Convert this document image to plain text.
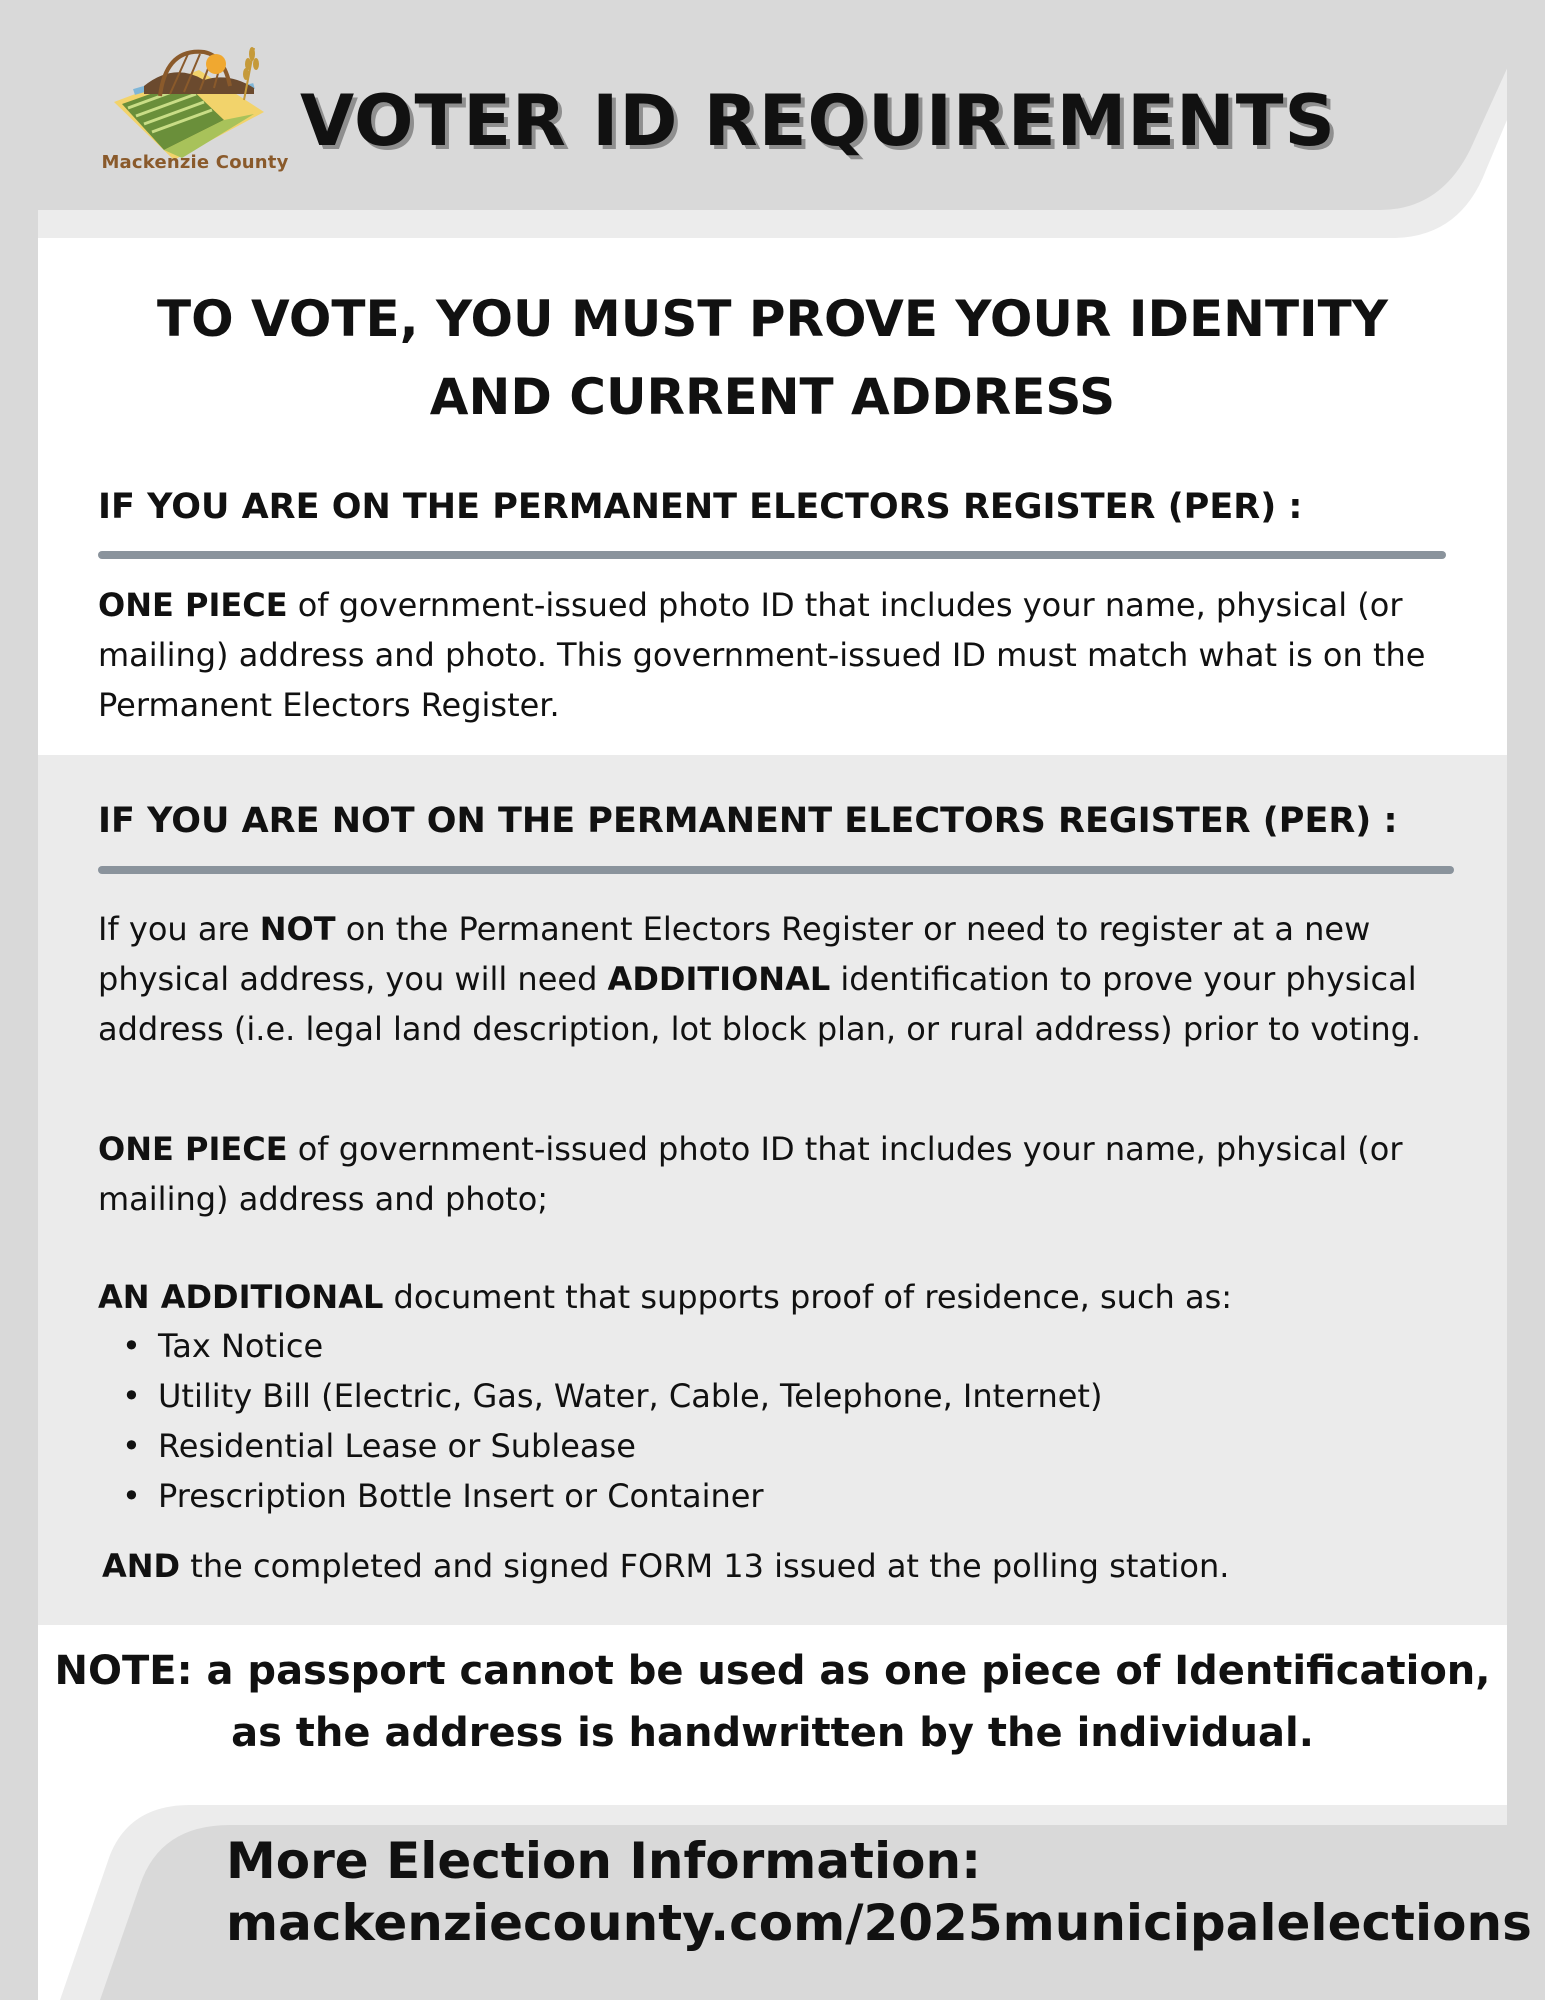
Mackenzie County
VOTER ID REQUIREMENTS
TO VOTE, YOU MUST PROVE YOUR IDENTITY
AND CURRENT ADDRESS
IF YOU ARE ON THE PERMANENT ELECTORS REGISTER (PER) :
ONE PIECE of government-issued photo ID that includes your name, physical (or mailing) address and photo. This government-issued ID must match what is on the Permanent Electors Register.
IF YOU ARE NOT ON THE PERMANENT ELECTORS REGISTER (PER) :
If you are NOT on the Permanent Electors Register or need to register at a new physical address, you will need ADDITIONAL identification to prove your physical address (i.e. legal land description, lot block plan, or rural address) prior to voting.
ONE PIECE of government-issued photo ID that includes your name, physical (or mailing) address and photo;
AN ADDITIONAL document that supports proof of residence, such as:
• Tax Notice
• Utility Bill (Electric, Gas, Water, Cable, Telephone, Internet)
• Residential Lease or Sublease
• Prescription Bottle Insert or Container
AND the completed and signed FORM 13 issued at the polling station.
NOTE: a passport cannot be used as one piece of Identification,
as the address is handwritten by the individual.
More Election Information:
mackenziecounty.com/2025municipalelections
